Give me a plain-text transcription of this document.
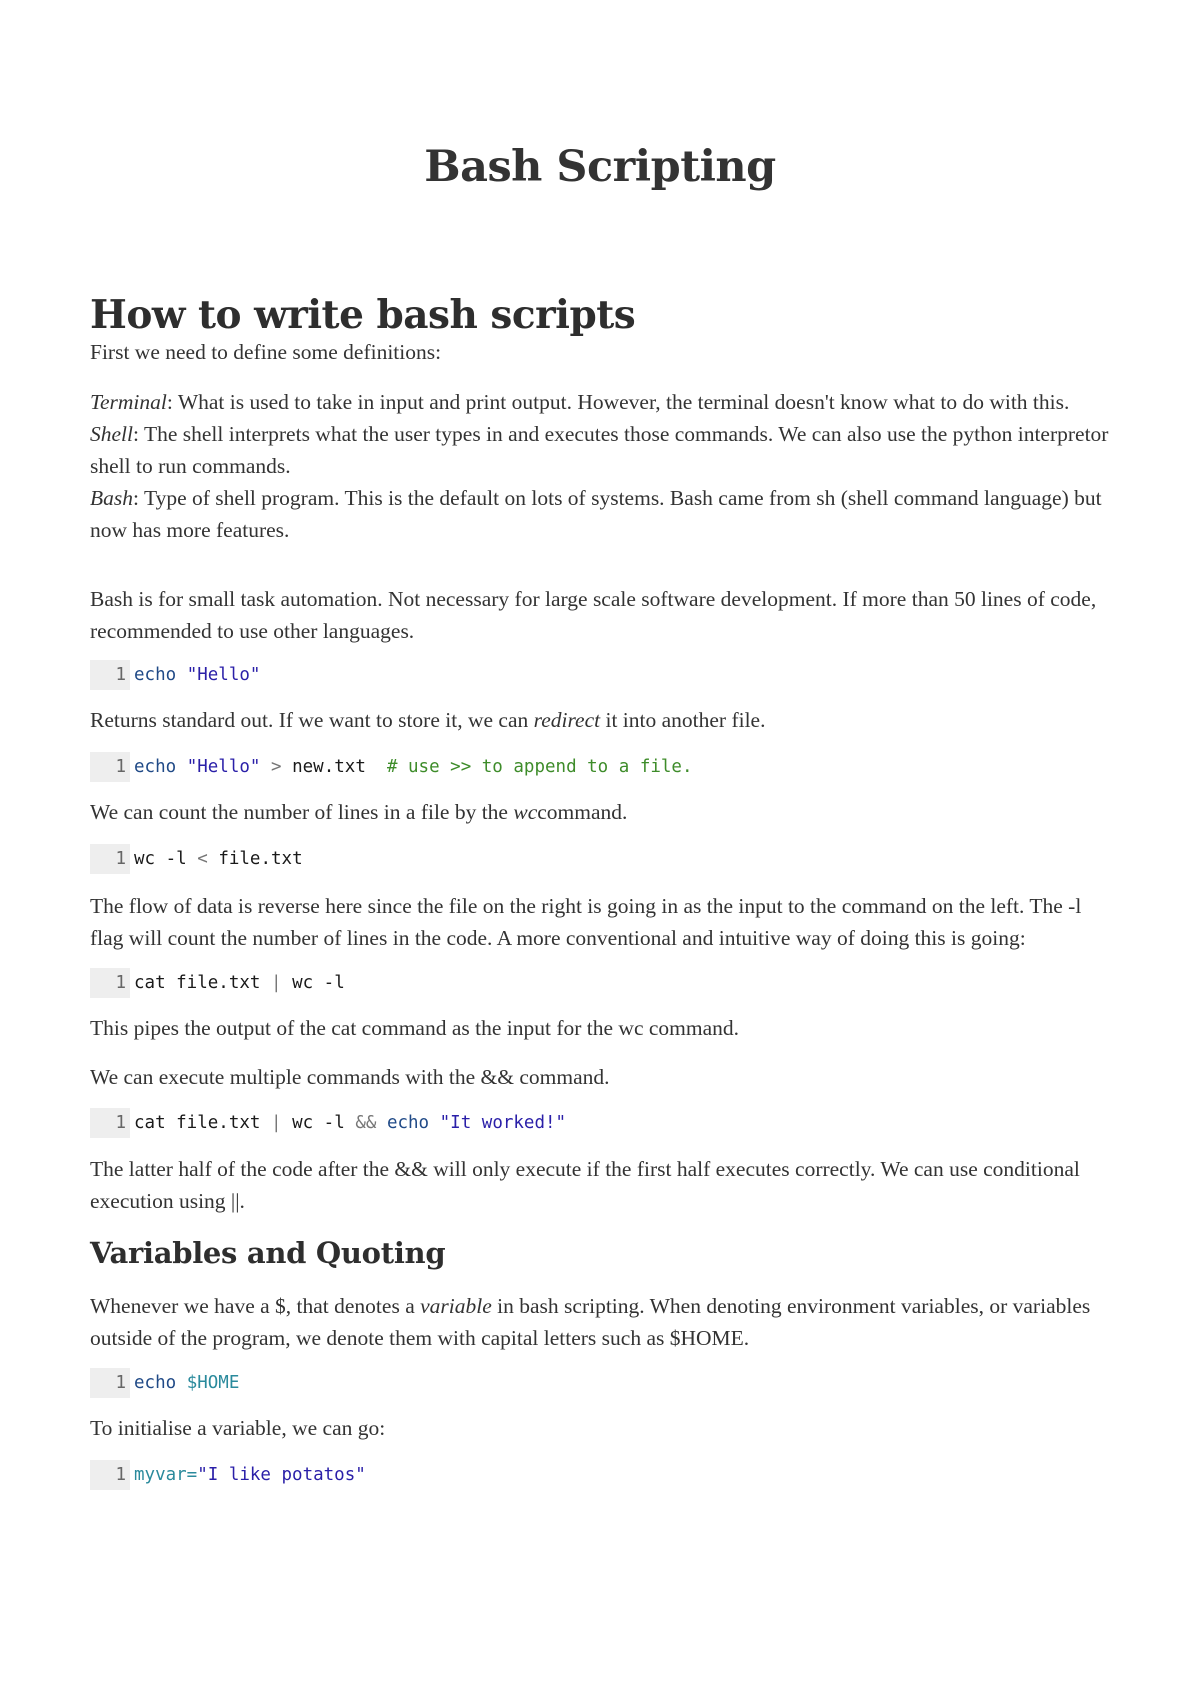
Bash Scripting
How to write bash scripts
First we need to define some definitions:
Terminal: What is used to take in input and print output. However, the terminal doesn't know what to do with this.
Shell: The shell interprets what the user types in and executes those commands. We can also use the python interpretor shell to run commands.
Bash: Type of shell program. This is the default on lots of systems. Bash came from sh (shell command language) but now has more features.
Bash is for small task automation. Not necessary for large scale software development. If more than 50 lines of code, recommended to use other languages.
1 echo "Hello"
Returns standard out. If we want to store it, we can redirect it into another file.
1 echo "Hello" > new.txt # use >> to append to a file.
We can count the number of lines in a file by the wccommand.
1 wc -l < file.txt
The flow of data is reverse here since the file on the right is going in as the input to the command on the left. The -l flag will count the number of lines in the code. A more conventional and intuitive way of doing this is going:
1 cat file.txt | wc -l
This pipes the output of the cat command as the input for the wc command.
We can execute multiple commands with the && command.
1 cat file.txt | wc -l && echo "It worked!"
The latter half of the code after the && will only execute if the first half executes correctly. We can use conditional execution using ||.
Variables and Quoting
Whenever we have a $, that denotes a variable in bash scripting. When denoting environment variables, or variables outside of the program, we denote them with capital letters such as $HOME.
1 echo $HOME
To initialise a variable, we can go:
1 myvar="I like potatos"
